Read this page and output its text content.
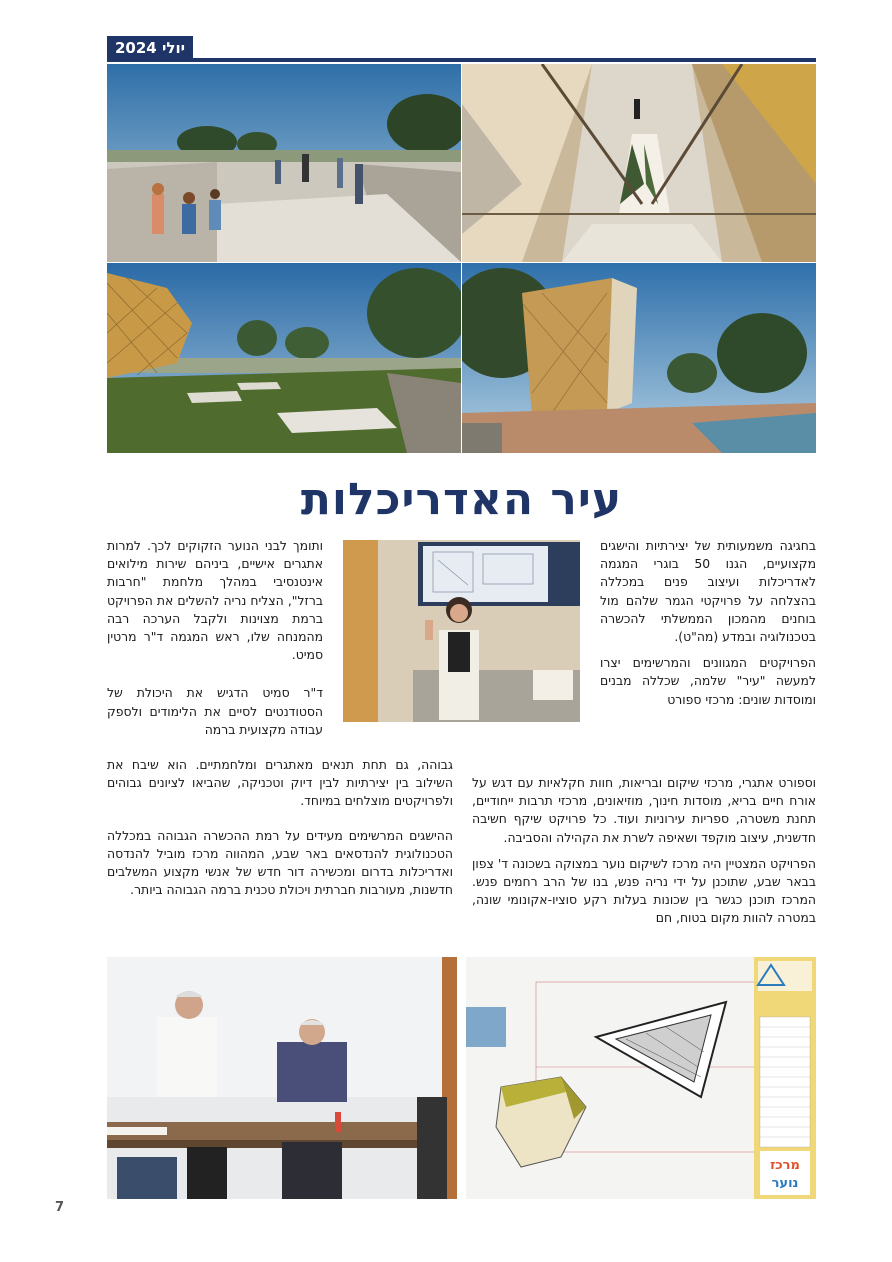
יולי 2024
עיר האדריכלות

בחגיגה משמעותית של יצירתיות והישגים מקצועיים, הגנו 50 בוגרי המגמה לאדריכלות ועיצוב פנים במכללה בהצלחה על פרויקטי הגמר שלהם מול בוחנים מהמכון הממשלתי להכשרה בטכנולוגיה ובמדע (מה"ט).

הפרויקטים המגוונים והמרשימים יצרו למעשה "עיר" שלמה, שכללה מבנים ומוסדות שונים: מרכזי ספורט

ותומך לבני הנוער הזקוקים לכך. למרות אתגרים אישיים, ביניהם שירות מילואים אינטנסיבי במהלך מלחמת "חרבות ברזל", הצליח נריה להשלים את הפרויקט ברמת מצוינות ולקבל הערכה רבה מהמנחה שלו, ראש המגמה ד"ר מרטין סמיט.

ד"ר סמיט הדגיש את היכולת של הסטודנטים לסיים את הלימודים ולספק עבודה מקצועית ברמה

וספורט אתגרי, מרכזי שיקום ובריאות, חוות חקלאיות עם דגש על אורח חיים בריא, מוסדות חינוך, מוזיאונים, מרכזי תרבות ייחודיים, תחנת משטרה, ספריות עירוניות ועוד. כל פרויקט שיקף חשיבה חדשנית, עיצוב מוקפד ושאיפה לשרת את הקהילה והסביבה.

הפרויקט המצטיין היה מרכז לשיקום נוער במצוקה בשכונה ד' צפון בבאר שבע, שתוכנן על ידי נריה פנש, בנו של הרב רחמים פנש. המרכז תוכנן כגשר בין שכונות בעלות רקע סוציו-אקונומי שונה, במטרה להוות מקום בטוח, חם

גבוהה, גם תחת תנאים מאתגרים ומלחמתיים. הוא שיבח את השילוב בין יצירתיות לבין דיוק וטכניקה, שהביאו לציונים גבוהים ולפרויקטים מוצלחים במיוחד.

ההישגים המרשימים מעידים על רמת ההכשרה הגבוהה במכללה הטכנולוגית להנדסאים באר שבע, המהווה מרכז מוביל להנדסה ואדריכלות בדרום ומכשירה דור חדש של אנשי מקצוע המשלבים חדשנות, מעורבות חברתית ויכולת טכנית ברמה הגבוהה ביותר.

מרכז
נוער
7
